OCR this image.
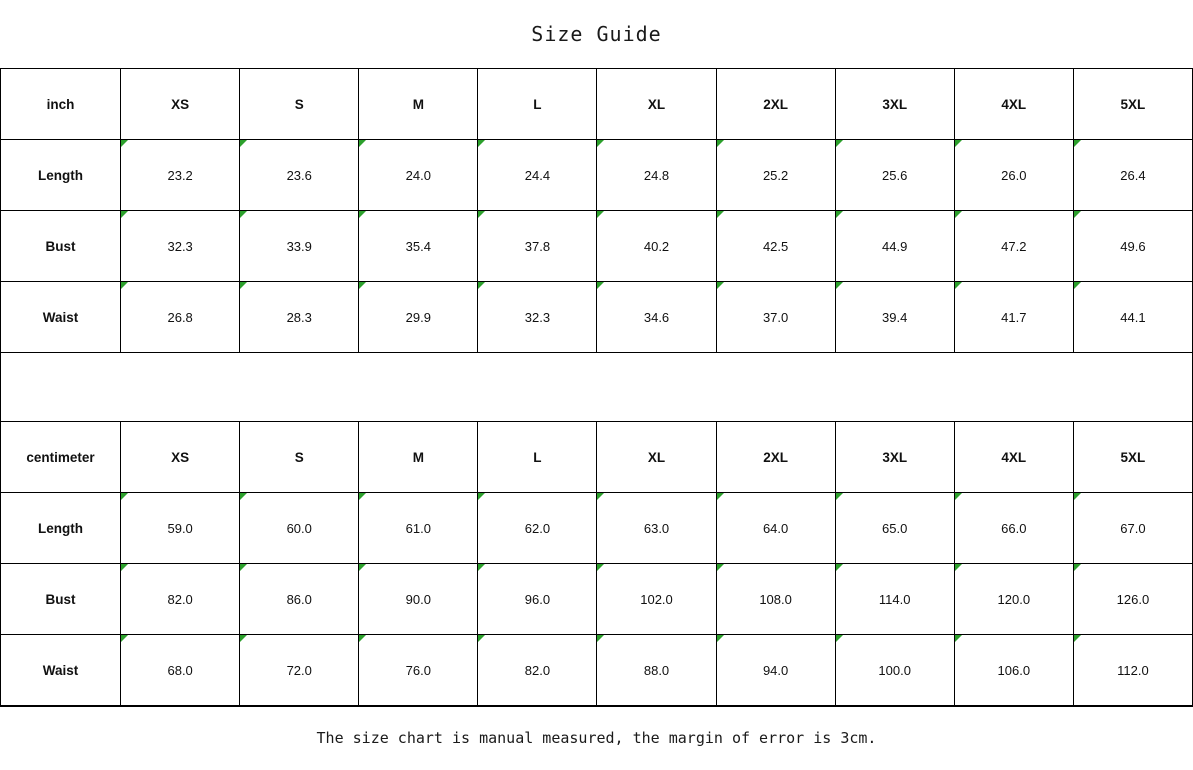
Size Guide
inch	XS	S	M	L	XL	2XL	3XL	4XL	5XL
Length	23.2	23.6	24.0	24.4	24.8	25.2	25.6	26.0	26.4
Bust	32.3	33.9	35.4	37.8	40.2	42.5	44.9	47.2	49.6
Waist	26.8	28.3	29.9	32.3	34.6	37.0	39.4	41.7	44.1
centimeter	XS	S	M	L	XL	2XL	3XL	4XL	5XL
Length	59.0	60.0	61.0	62.0	63.0	64.0	65.0	66.0	67.0
Bust	82.0	86.0	90.0	96.0	102.0	108.0	114.0	120.0	126.0
Waist	68.0	72.0	76.0	82.0	88.0	94.0	100.0	106.0	112.0
The size chart is manual measured, the margin of error is 3cm.
